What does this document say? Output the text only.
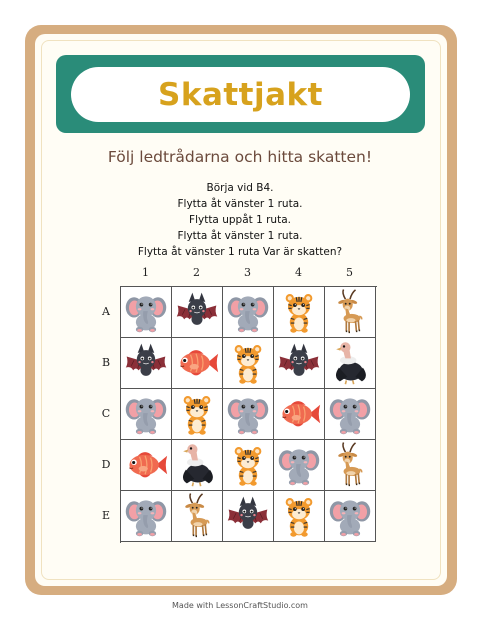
Skattjakt
Följ ledtrådarna och hitta skatten!
Börja vid B4.
Flytta åt vänster 1 ruta.
Flytta uppåt 1 ruta.
Flytta åt vänster 1 ruta.
Flytta åt vänster 1 ruta Var är skatten?
1	2	3	4	5
A
B
C
D
E
Made with LessonCraftStudio.com
